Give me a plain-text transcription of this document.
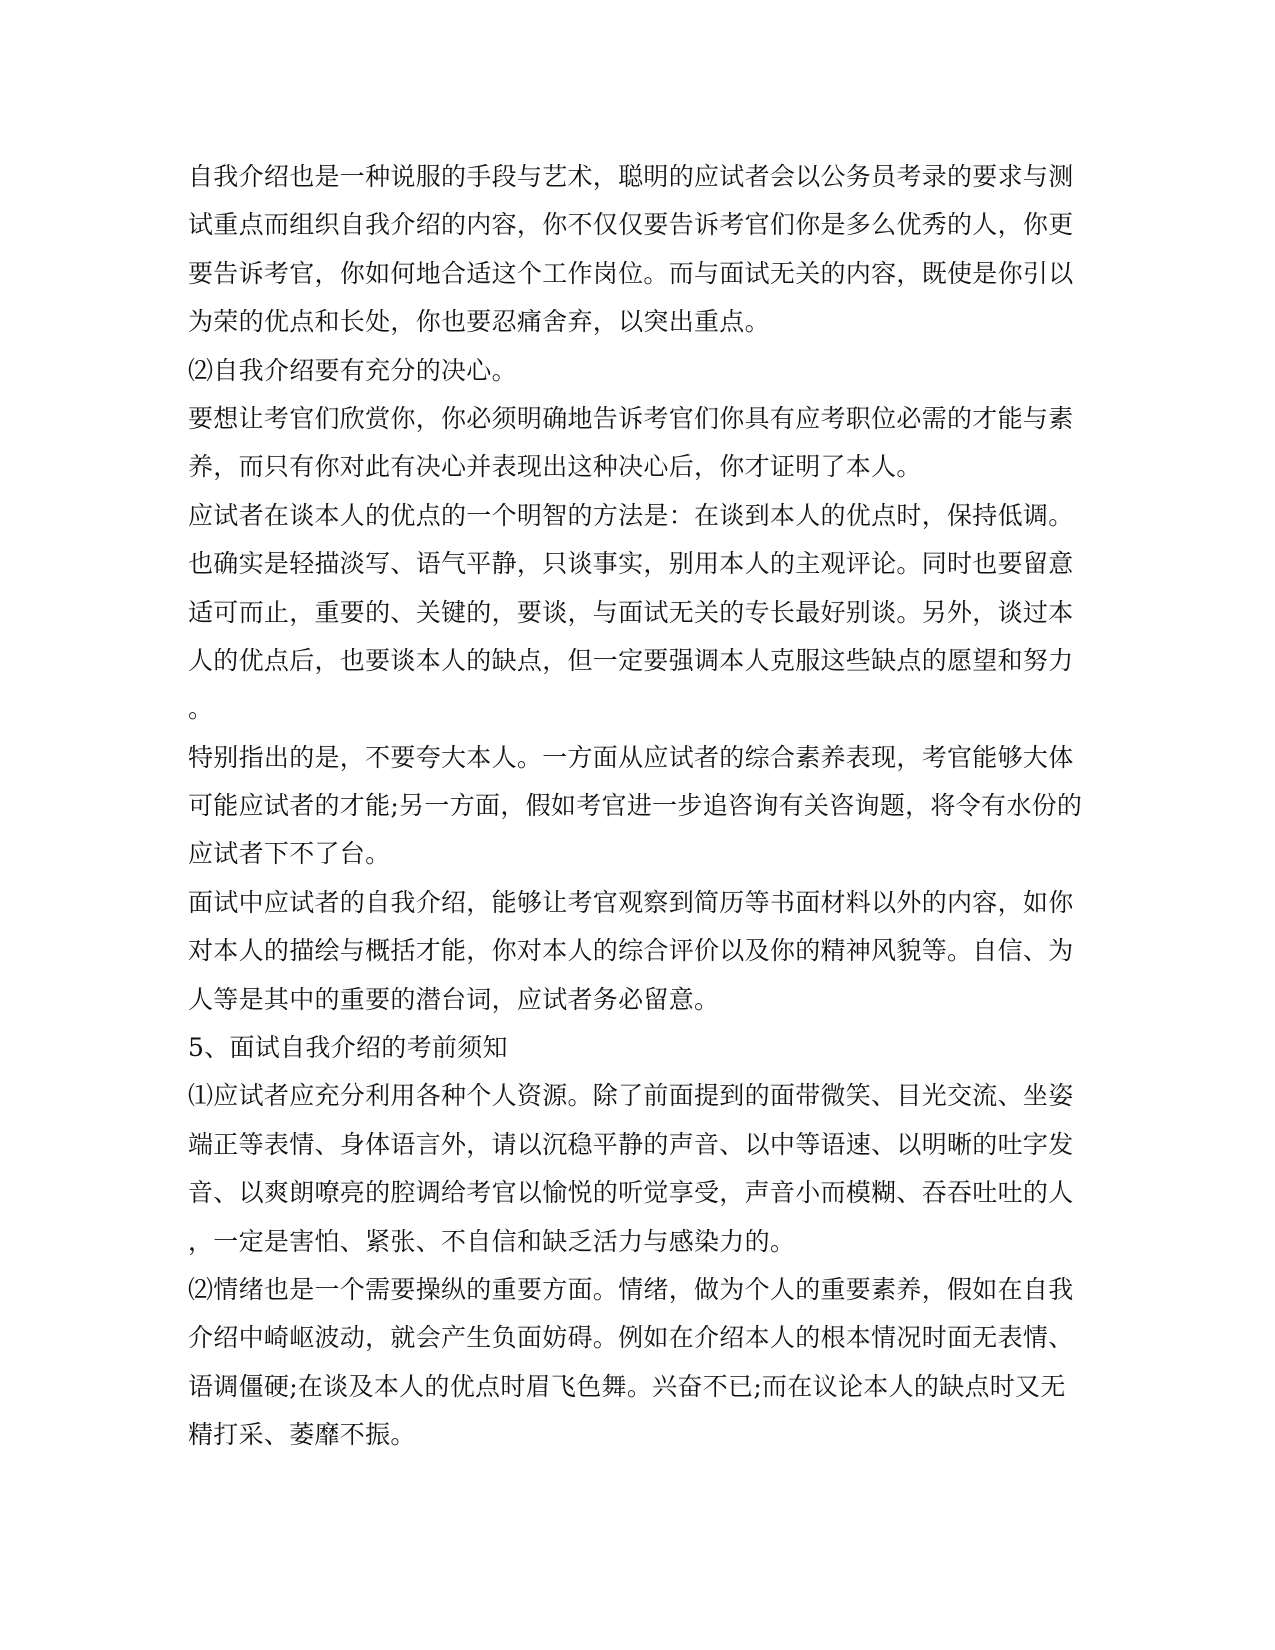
自我介绍也是一种说服的手段与艺术，聪明的应试者会以公务员考录的要求与测
试重点而组织自我介绍的内容，你不仅仅要告诉考官们你是多么优秀的人，你更
要告诉考官，你如何地合适这个工作岗位。而与面试无关的内容，既使是你引以
为荣的优点和长处，你也要忍痛舍弃，以突出重点。
⑵自我介绍要有充分的决心。
要想让考官们欣赏你，你必须明确地告诉考官们你具有应考职位必需的才能与素
养，而只有你对此有决心并表现出这种决心后，你才证明了本人。
应试者在谈本人的优点的一个明智的方法是：在谈到本人的优点时，保持低调。
也确实是轻描淡写、语气平静，只谈事实，别用本人的主观评论。同时也要留意
适可而止，重要的、关键的，要谈，与面试无关的专长最好别谈。另外，谈过本
人的优点后，也要谈本人的缺点，但一定要强调本人克服这些缺点的愿望和努力
。
特别指出的是，不要夸大本人。一方面从应试者的综合素养表现，考官能够大体
可能应试者的才能;另一方面，假如考官进一步追咨询有关咨询题，将令有水份的
应试者下不了台。
面试中应试者的自我介绍，能够让考官观察到简历等书面材料以外的内容，如你
对本人的描绘与概括才能，你对本人的综合评价以及你的精神风貌等。自信、为
人等是其中的重要的潜台词，应试者务必留意。
5、面试自我介绍的考前须知
⑴应试者应充分利用各种个人资源。除了前面提到的面带微笑、目光交流、坐姿
端正等表情、身体语言外，请以沉稳平静的声音、以中等语速、以明晰的吐字发
音、以爽朗嘹亮的腔调给考官以愉悦的听觉享受，声音小而模糊、吞吞吐吐的人
，一定是害怕、紧张、不自信和缺乏活力与感染力的。
⑵情绪也是一个需要操纵的重要方面。情绪，做为个人的重要素养，假如在自我
介绍中崎岖波动，就会产生负面妨碍。例如在介绍本人的根本情况时面无表情、
语调僵硬;在谈及本人的优点时眉飞色舞。兴奋不已;而在议论本人的缺点时又无
精打采、萎靡不振。
